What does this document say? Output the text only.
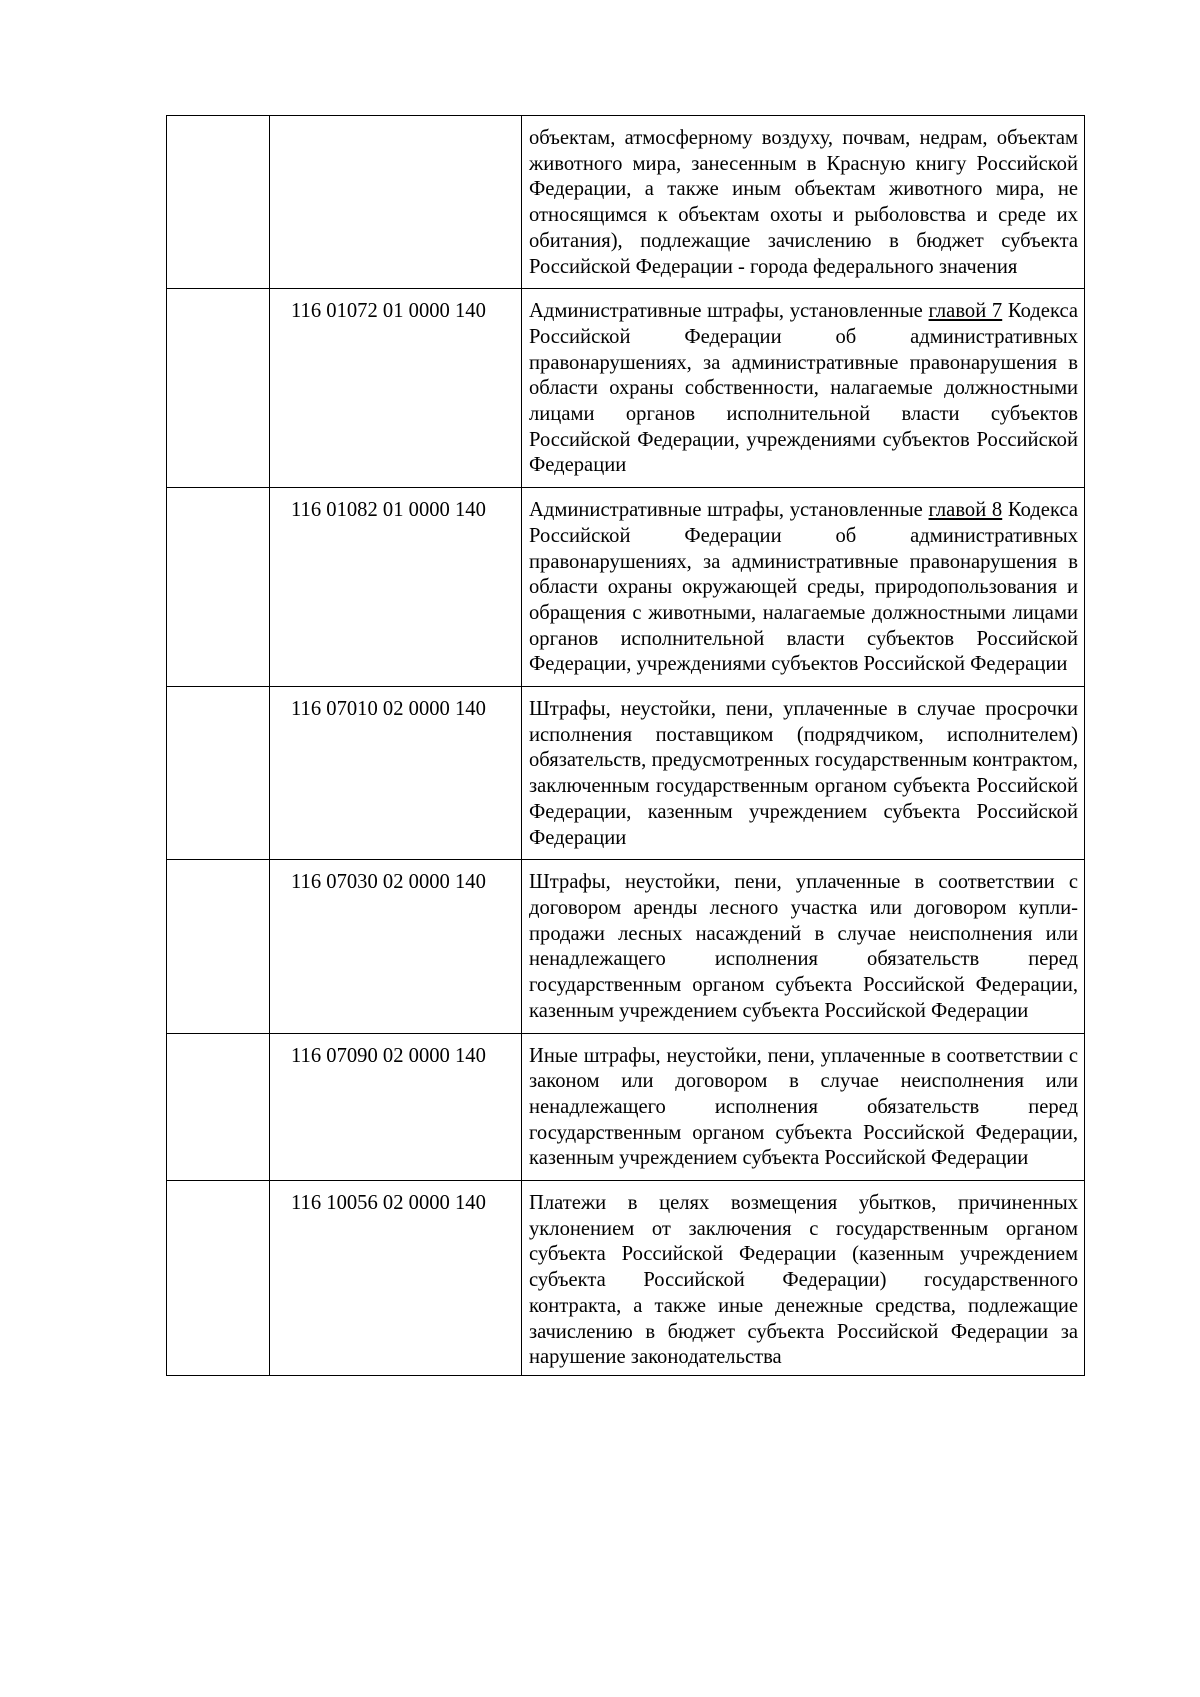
		объектам, атмосферному воздуху, почвам, недрам, объектам животного мира, занесенным в Красную книгу Российской Федерации, а также иным объектам животного мира, не относящимся к объектам охоты и рыболовства и среде их обитания), подлежащие зачислению в бюджет субъекта Российской Федерации - города федерального значения

	116 01072 01 0000 140	Административные штрафы, установленные главой 7 Кодекса Российской Федерации об административных правонарушениях, за административные правонарушения в области охраны собственности, налагаемые должностными лицами органов исполнительной власти субъектов Российской Федерации, учреждениями субъектов Российской Федерации

	116 01082 01 0000 140	Административные штрафы, установленные главой 8 Кодекса Российской Федерации об административных правонарушениях, за административные правонарушения в области охраны окружающей среды, природопользования и обращения с животными, налагаемые должностными лицами органов исполнительной власти субъектов Российской Федерации, учреждениями субъектов Российской Федерации

	116 07010 02 0000 140	Штрафы, неустойки, пени, уплаченные в случае просрочки исполнения поставщиком (подрядчиком, исполнителем) обязательств, предусмотренных государственным контрактом, заключенным государственным органом субъекта Российской Федерации, казенным учреждением субъекта Российской Федерации

	116 07030 02 0000 140	Штрафы, неустойки, пени, уплаченные в соответствии с договором аренды лесного участка или договором купли-продажи лесных насаждений в случае неисполнения или ненадлежащего исполнения обязательств перед государственным органом субъекта Российской Федерации, казенным учреждением субъекта Российской Федерации

	116 07090 02 0000 140	Иные штрафы, неустойки, пени, уплаченные в соответствии с законом или договором в случае неисполнения или ненадлежащего исполнения обязательств перед государственным органом субъекта Российской Федерации, казенным учреждением субъекта Российской Федерации

	116 10056 02 0000 140	Платежи в целях возмещения убытков, причиненных уклонением от заключения с государственным органом субъекта Российской Федерации (казенным учреждением субъекта Российской Федерации) государственного контракта, а также иные денежные средства, подлежащие зачислению в бюджет субъекта Российской Федерации за нарушение законодательства
